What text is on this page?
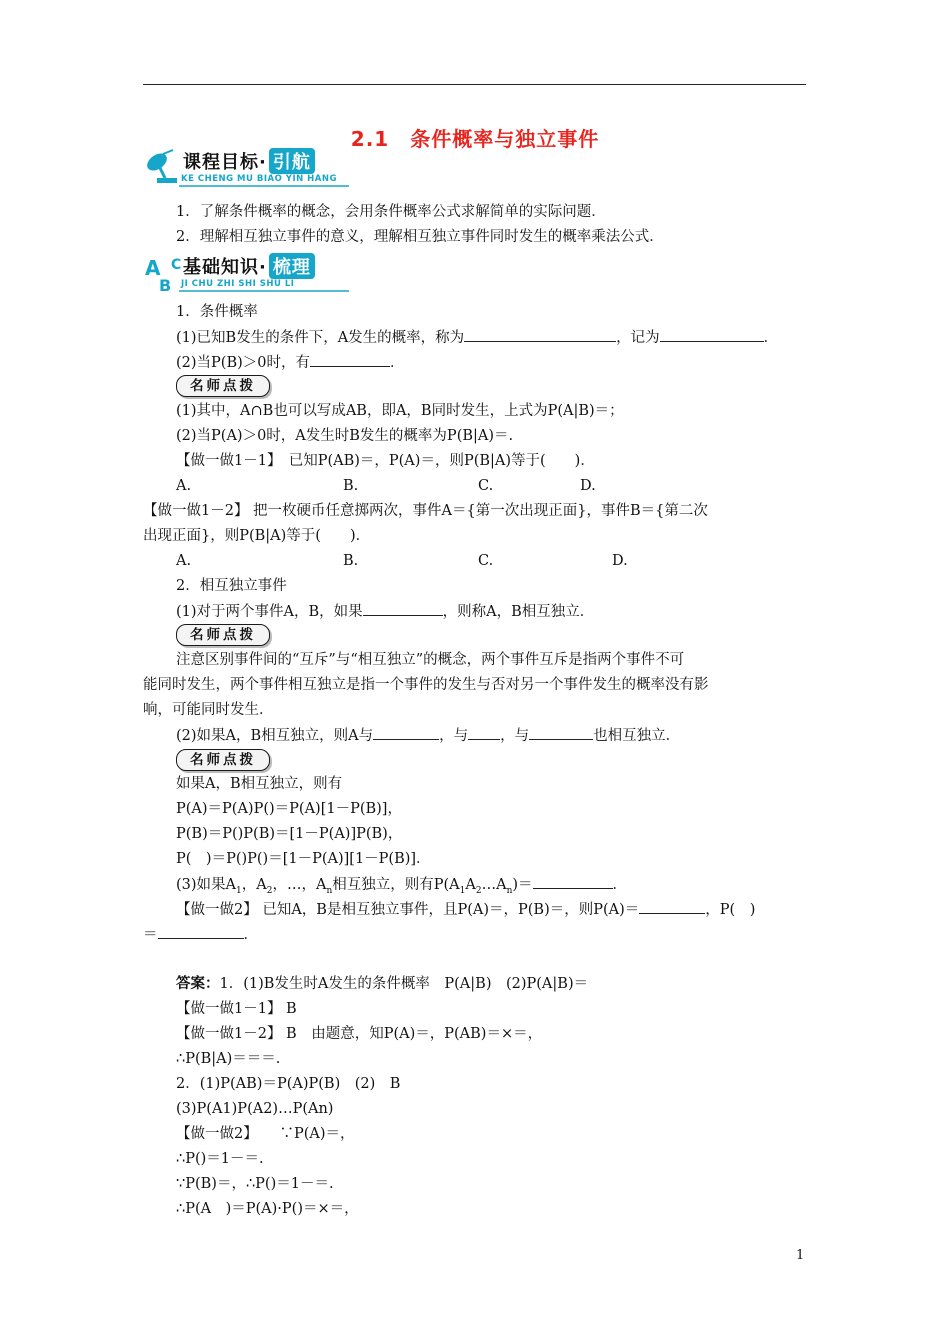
2.1　条件概率与独立事件
课程目标· 引航
KE CHENG MU BIAO YIN HANG
1．了解条件概率的概念，会用条件概率公式求解简单的实际问题．
2．理解相互独立事件的意义，理解相互独立事件同时发生的概率乘法公式．
A
B
C 基础知识· 梳理
JI CHU ZHI SHI SHU LI
1．条件概率
(1)已知B发生的条件下，A发生的概率，称为	，记为	．
(2)当P(B)＞0时，有	．
名师点拨
(1)其中，A∩B也可以写成AB，即A，B同时发生，上式为P(A|B)＝；
(2)当P(A)＞0时，A发生时B发生的概率为P(B|A)＝.
【做一做1－1】　已知P(AB)＝，P(A)＝，则P(B|A)等于(　　)．
A.	B.	C.	D.
【做一做1－2】 把一枚硬币任意掷两次，事件A＝{第一次出现正面}，事件B＝{第二次
出现正面}，则P(B|A)等于(　　)．
A.	B.	C.	D.
2．相互独立事件
(1)对于两个事件A，B，如果	，则称A，B相互独立．
名师点拨
注意区别事件间的“互斥”与“相互独立”的概念，两个事件互斥是指两个事件不可
能同时发生，两个事件相互独立是指一个事件的发生与否对另一个事件发生的概率没有影
响，可能同时发生．
(2)如果A，B相互独立，则A与	，与 ，与	也相互独立．
名师点拨
如果A，B相互独立，则有
P(A)＝P(A)P()＝P(A)[1－P(B)]，
P(B)＝P()P(B)＝[1－P(A)]P(B)，
P(　)＝P()P()＝[1－P(A)][1－P(B)]．
(3)如果$A_1$，$A_2$，…，$A_n$相互独立，则有$P(A_1A_2\dots A_n)=$	．
【做一做2】 已知A，B是相互独立事件，且P(A)＝，P(B)＝，则P(A)＝	，P(　)
＝	．
答案：1．(1)B发生时A发生的条件概率　P(A|B)　(2)P(A|B)＝
【做一做1－1】 B
【做一做1－2】 B　由题意，知P(A)＝，P(AB)＝×＝，
∴P(B|A)＝＝＝.
2．(1)P(AB)＝P(A)P(B)　(2)　B
(3)P(A1)P(A2)…P(An)
【做一做2】　　∵P(A)＝，
∴P()＝1－＝.
∵P(B)＝，∴P()＝1－＝.
∴P(A　)＝P(A)·P()＝×＝，
1
